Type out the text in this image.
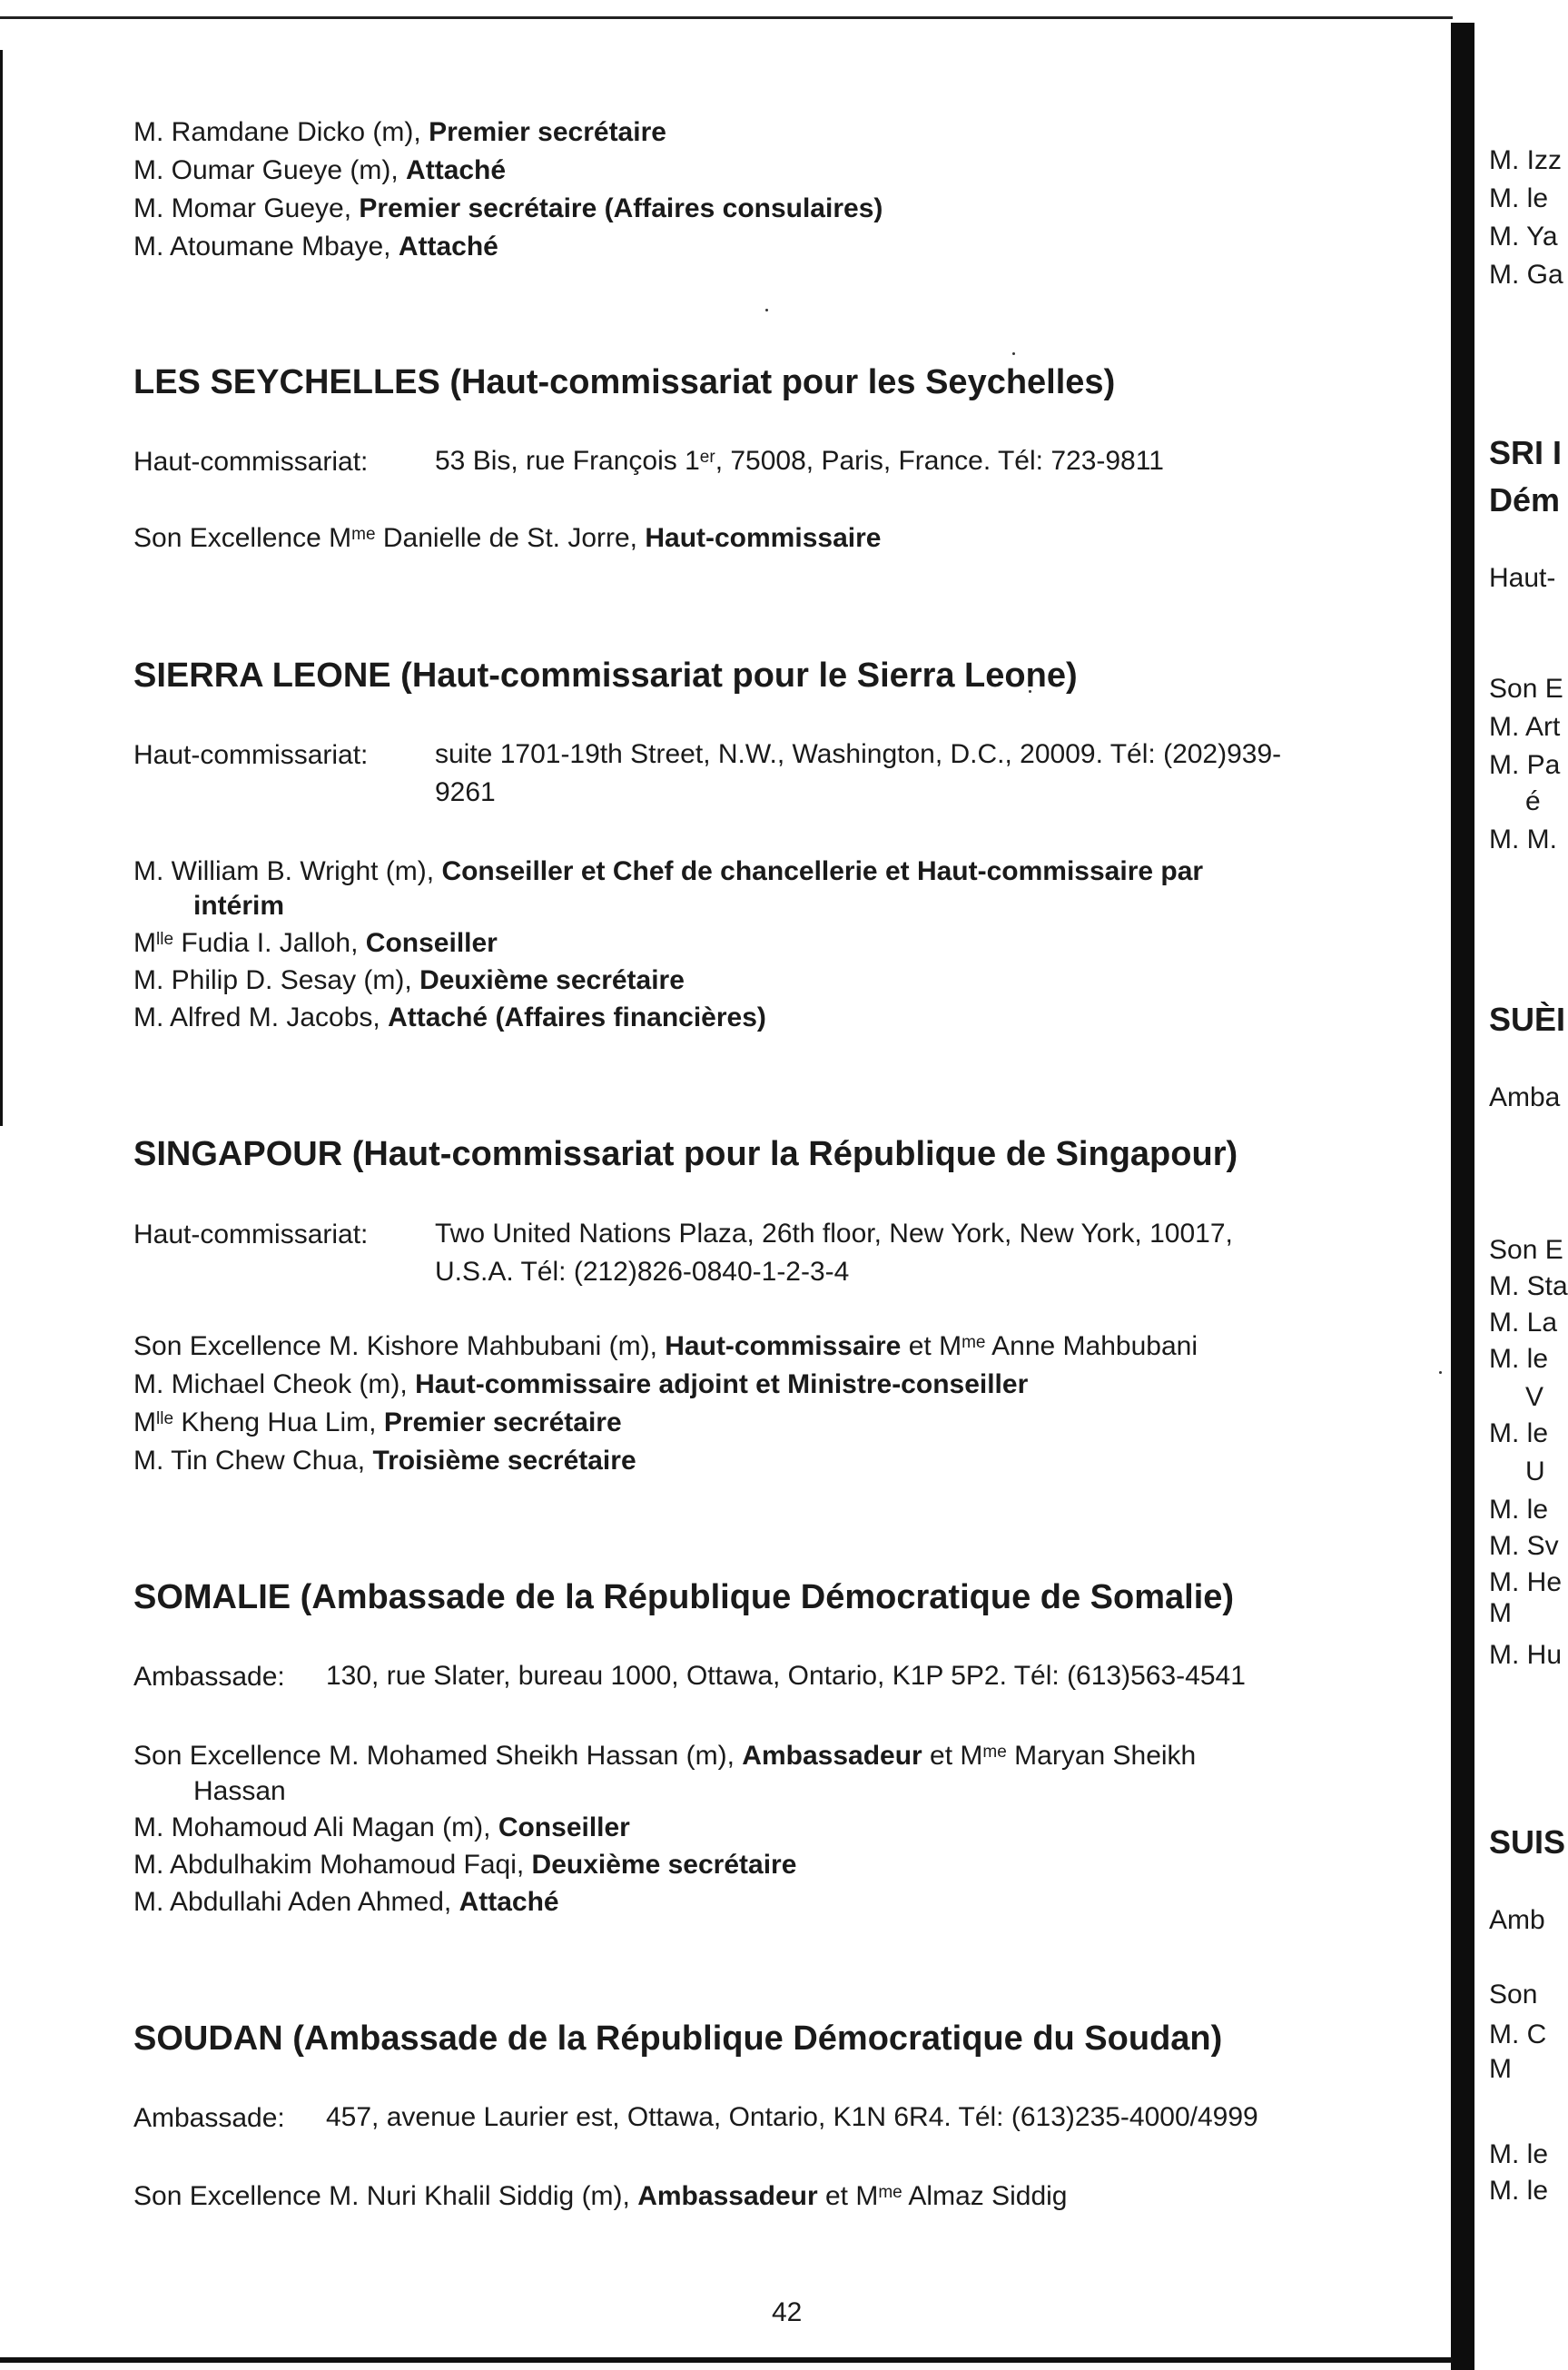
M. Ramdane Dicko (m), Premier secrétaire
M. Oumar Gueye (m), Attaché
M. Momar Gueye, Premier secrétaire (Affaires consulaires)
M. Atoumane Mbaye, Attaché
LES SEYCHELLES (Haut-commissariat pour les Seychelles)
Haut-commissariat: 53 Bis, rue François 1er, 75008, Paris, France. Tél: 723-9811
Son Excellence $M^{me}$ Danielle de St. Jorre, Haut-commissaire
SIERRA LEONE (Haut-commissariat pour le Sierra Leone)
Haut-commissariat: suite 1701-19th Street, N.W., Washington, D.C., 20009. Tél: (202)939-
9261
M. William B. Wright (m), Conseiller et Chef de chancellerie et Haut-commissaire par
intérim
$M^{lle}$ Fudia I. Jalloh, Conseiller
M. Philip D. Sesay (m), Deuxième secrétaire
M. Alfred M. Jacobs, Attaché (Affaires financières)
SINGAPOUR (Haut-commissariat pour la République de Singapour)
Haut-commissariat: Two United Nations Plaza, 26th floor, New York, New York, 10017,
U.S.A. Tél: (212)826-0840-1-2-3-4
Son Excellence M. Kishore Mahbubani (m), Haut-commissaire et $M^{me}$ Anne Mahbubani
M. Michael Cheok (m), Haut-commissaire adjoint et Ministre-conseiller
$M^{lle}$ Kheng Hua Lim, Premier secrétaire
M. Tin Chew Chua, Troisième secrétaire
SOMALIE (Ambassade de la République Démocratique de Somalie)
Ambassade: 130, rue Slater, bureau 1000, Ottawa, Ontario, K1P 5P2. Tél: (613)563-4541
Son Excellence M. Mohamed Sheikh Hassan (m), Ambassadeur et $M^{me}$ Maryan Sheikh
Hassan
M. Mohamoud Ali Magan (m), Conseiller
M. Abdulhakim Mohamoud Faqi, Deuxième secrétaire
M. Abdullahi Aden Ahmed, Attaché
SOUDAN (Ambassade de la République Démocratique du Soudan)
Ambassade: 457, avenue Laurier est, Ottawa, Ontario, K1N 6R4. Tél: (613)235-4000/4999
Son Excellence M. Nuri Khalil Siddig (m), Ambassadeur et $M^{me}$ Almaz Siddig
42
M. Izz
M. le
M. Ya
M. Ga
SRI I
Dém
Haut-
Son E
M. Art
M. Pa
é
M. M.
SUÈI
Amba
Son E
M. Sta
M. La
M. le
V
M. le
U
M. le
M. Sv
M. He
M
M. Hu
SUIS
Amb
Son
M. C
M
M. le
M. le
